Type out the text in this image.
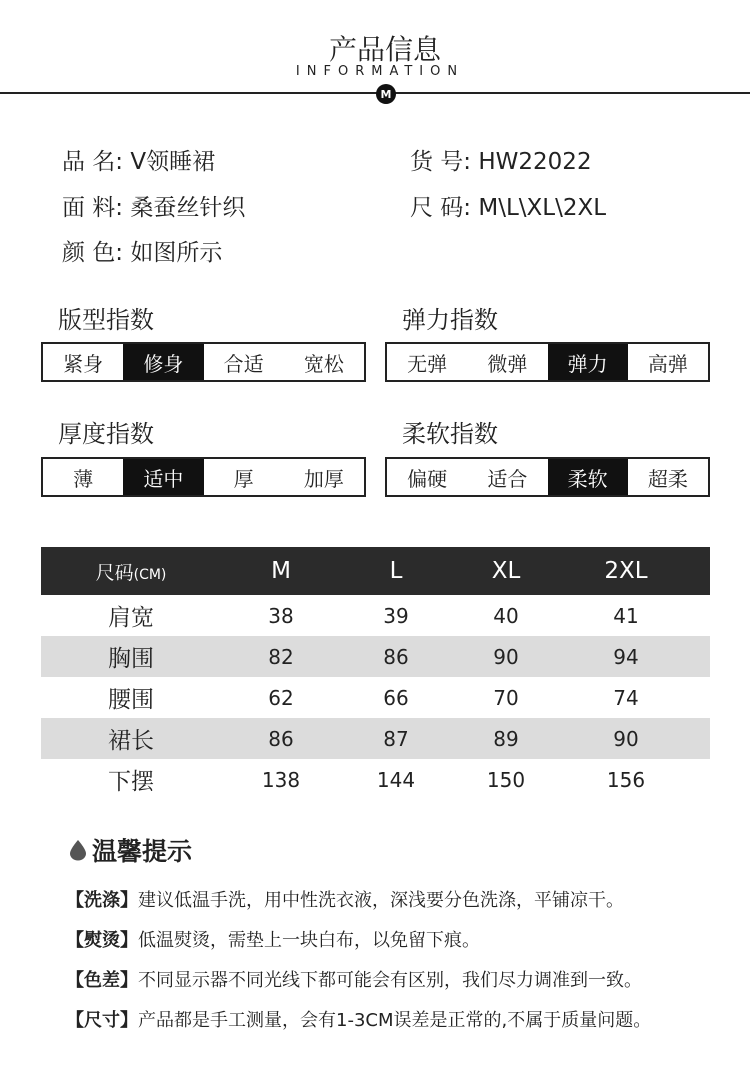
产品信息
INFORMATION
M
品 名: V领睡裙	货 号: HW22022
面 料: 桑蚕丝针织	尺 码: M\L\XL\2XL
颜 色: 如图所示
版型指数
紧身	修身	合适	宽松
弹力指数
无弹	微弹	弹力	高弹
厚度指数
薄	适中	厚	加厚
柔软指数
偏硬	适合	柔软	超柔
尺码(CM)	M	L	XL	2XL
肩宽	38	39	40	41
胸围	82	86	90	94
腰围	62	66	70	74
裙长	86	87	89	90
下摆	138	144	150	156
温馨提示
【洗涤】建议低温手洗，用中性洗衣液，深浅要分色洗涤，平铺凉干。
【熨烫】低温熨烫，需垫上一块白布，以免留下痕。
【色差】不同显示器不同光线下都可能会有区别，我们尽力调准到一致。
【尺寸】产品都是手工测量，会有1-3CM误差是正常的,不属于质量问题。
